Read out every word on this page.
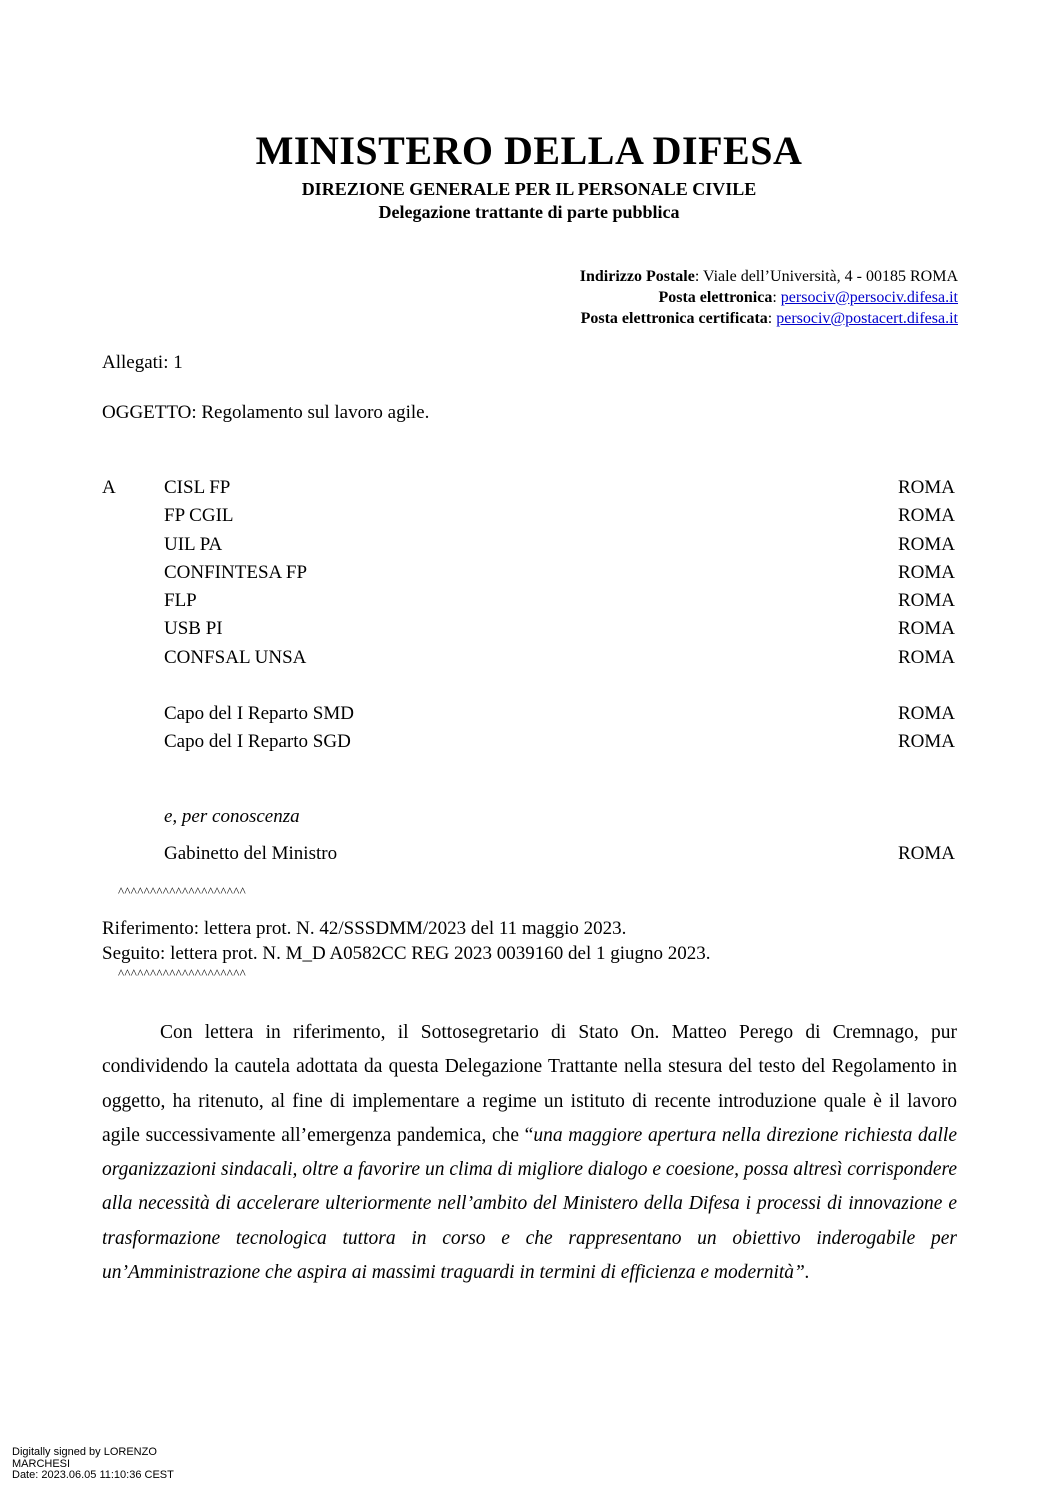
MINISTERO DELLA DIFESA
DIREZIONE GENERALE PER IL PERSONALE CIVILE
Delegazione trattante di parte pubblica
Indirizzo Postale: Viale dell’Università, 4 - 00185 ROMA
Posta elettronica: persociv@persociv.difesa.it
Posta elettronica certificata: persociv@postacert.difesa.it
Allegati: 1
OGGETTO: Regolamento sul lavoro agile.
A	CISL FP	ROMA
FP CGIL	ROMA
UIL PA	ROMA
CONFINTESA FP	ROMA
FLP	ROMA
USB PI	ROMA
CONFSAL UNSA	ROMA
Capo del I Reparto SMD	ROMA
Capo del I Reparto SGD	ROMA
e, per conoscenza
Gabinetto del Ministro	ROMA
^^^^^^^^^^^^^^^^^^^^
Riferimento: lettera prot. N. 42/SSSDMM/2023 del 11 maggio 2023.
Seguito: lettera prot. N. M_D A0582CC REG 2023 0039160 del 1 giugno 2023.
^^^^^^^^^^^^^^^^^^^^
Con lettera in riferimento, il Sottosegretario di Stato On. Matteo Perego di Cremnago, pur condividendo la cautela adottata da questa Delegazione Trattante nella stesura del testo del Regolamento in oggetto, ha ritenuto, al fine di implementare a regime un istituto di recente introduzione quale è il lavoro agile successivamente all’emergenza pandemica, che “una maggiore apertura nella direzione richiesta dalle organizzazioni sindacali, oltre a favorire un clima di migliore dialogo e coesione, possa altresì corrispondere alla necessità di accelerare ulteriormente nell’ambito del Ministero della Difesa i processi di innovazione e trasformazione tecnologica tuttora in corso e che rappresentano un obiettivo inderogabile per un’Amministrazione che aspira ai massimi traguardi in termini di efficienza e modernità”.
Digitally signed by LORENZO
MARCHESI
Date: 2023.06.05 11:10:36 CEST
